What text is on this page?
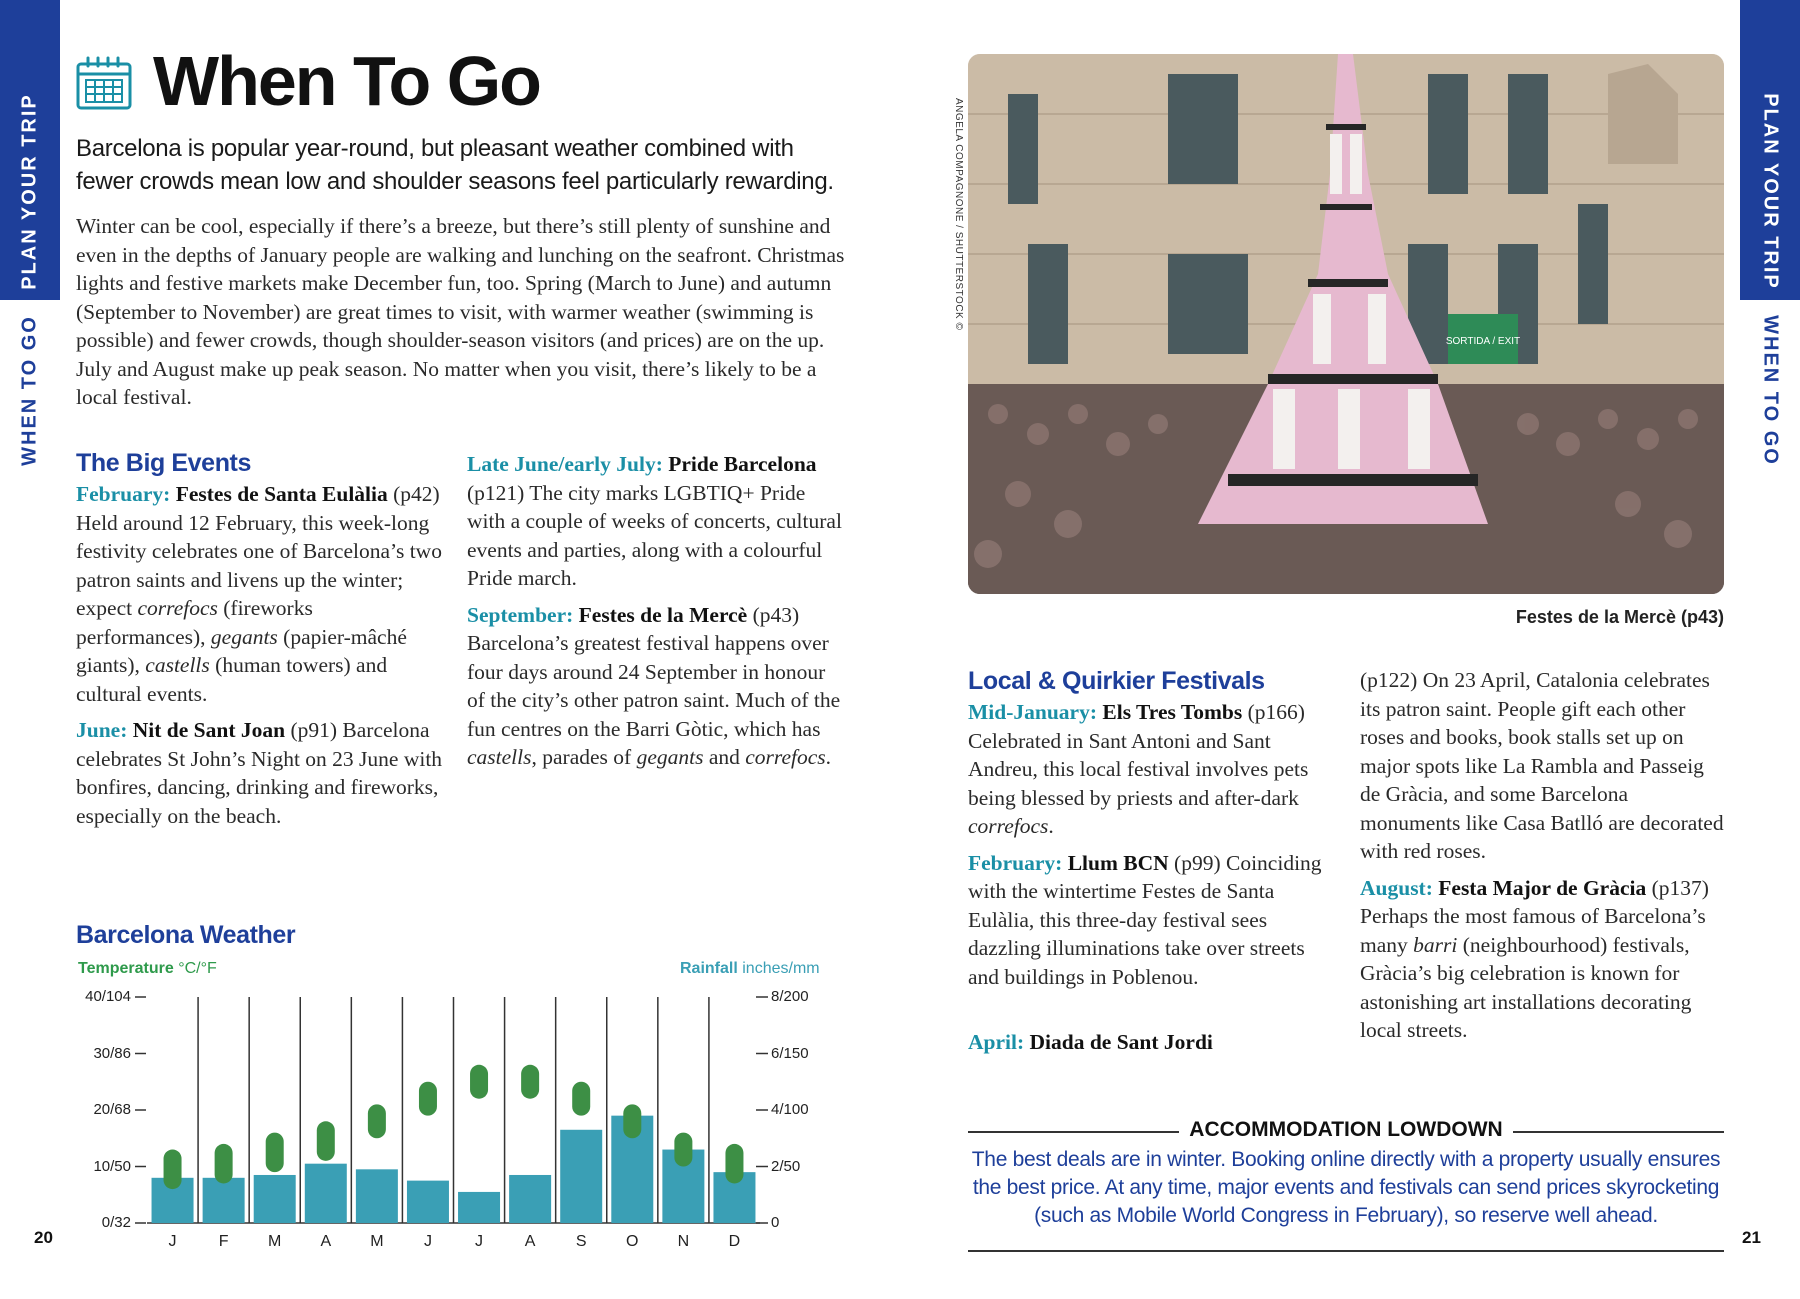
PLAN YOUR TRIP
WHEN TO GO
PLAN YOUR TRIP
WHEN TO GO
When To Go
Barcelona is popular year-round, but pleasant weather combined with fewer crowds mean low and shoulder seasons feel particularly rewarding.
Winter can be cool, especially if there’s a breeze, but there’s still plenty of sunshine and even in the depths of January people are walking and lunching on the seafront. Christmas lights and festive markets make December fun, too. Spring (March to June) and autumn (September to November) are great times to visit, with warmer weather (swimming is possible) and fewer crowds, though shoulder-season visitors (and prices) are on the up. July and August make up peak season. No matter when you visit, there’s likely to be a local festival.
The Big Events
February: Festes de Santa Eulàlia (p42) Held around 12 February, this week-long festivity celebrates one of Barcelona’s two patron saints and livens up the winter; expect correfocs (fireworks performances), gegants (papier-mâché giants), castells (human towers) and cultural events.
June: Nit de Sant Joan (p91) Barcelona celebrates St John’s Night on 23 June with bonfires, dancing, drinking and fireworks, especially on the beach.
Late June/early July: Pride Barcelona (p121) The city marks LGBTIQ+ Pride with a couple of weeks of concerts, cultural events and parties, along with a colourful Pride march.
September: Festes de la Mercè (p43) Barcelona’s greatest festival happens over four days around 24 September in honour of the city’s other patron saint. Much of the fun centres on the Barri Gòtic, which has castells, parades of gegants and correfocs.
Barcelona Weather
Temperature °C/°F	Rainfall inches/mm
0/32
10/50
20/68
30/86
40/104
0
2/50
4/100
6/150
8/200
J	F	M	A	M	J	J	A	S	O	N	D
ANGELA COMPAGNONE / SHUTTERSTOCK ©
SORTIDA / EXIT
Festes de la Mercè (p43)
Local & Quirkier Festivals
Mid-January: Els Tres Tombs (p166) Celebrated in Sant Antoni and Sant Andreu, this local festival involves pets being blessed by priests and after-dark correfocs.
February: Llum BCN (p99) Coinciding with the wintertime Festes de Santa Eulàlia, this three-day festival sees dazzling illuminations take over streets and buildings in Poblenou.
April: Diada de Sant Jordi
(p122) On 23 April, Catalonia celebrates its patron saint. People gift each other roses and books, book stalls set up on major spots like La Rambla and Passeig de Gràcia, and some Barcelona monuments like Casa Batlló are decorated with red roses.
August: Festa Major de Gràcia (p137) Perhaps the most famous of Barcelona’s many barri (neighbourhood) festivals, Gràcia’s big celebration is known for astonishing art installations decorating local streets.
ACCOMMODATION LOWDOWN
The best deals are in winter. Booking online directly with a property usually ensures the best price. At any time, major events and festivals can send prices skyrocketing (such as Mobile World Congress in February), so reserve well ahead.
20	21
